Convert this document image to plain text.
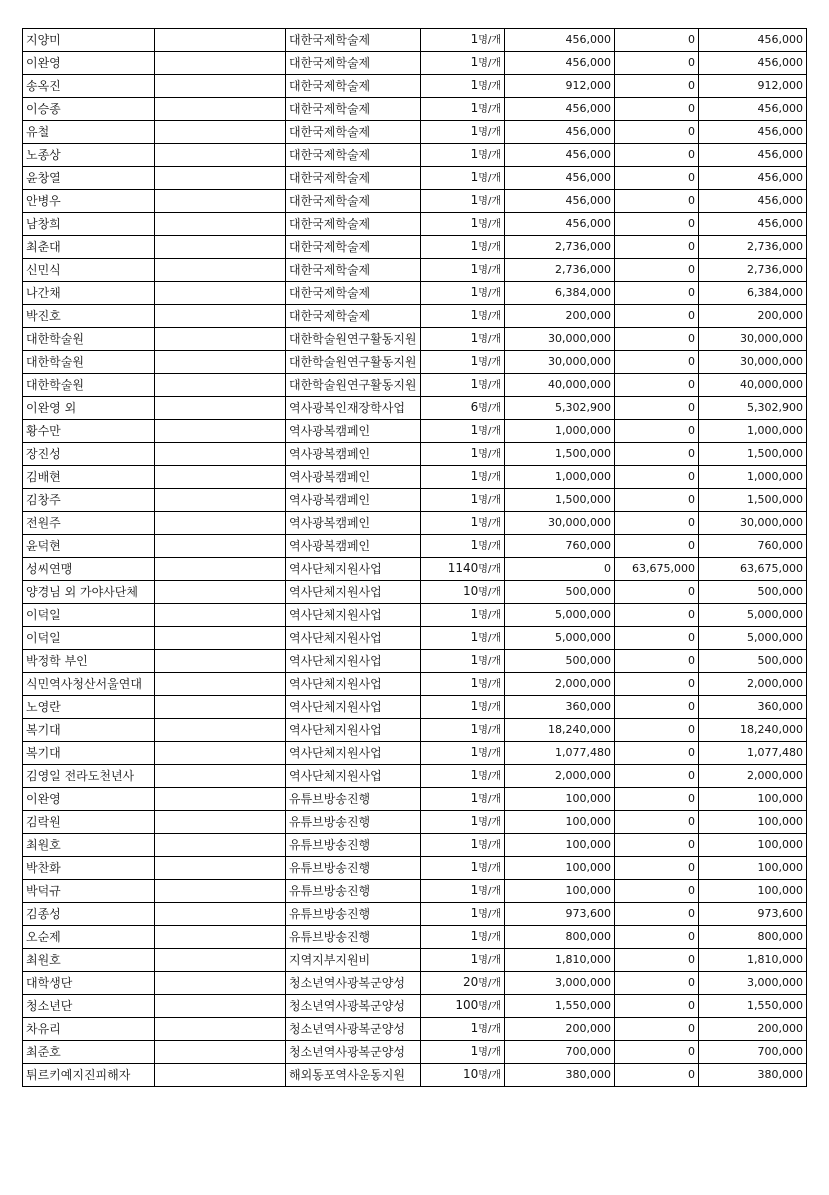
지양미		대한국제학술제	1명/개	456,000	0	456,000
이완영		대한국제학술제	1명/개	456,000	0	456,000
송옥진		대한국제학술제	1명/개	912,000	0	912,000
이승종		대한국제학술제	1명/개	456,000	0	456,000
유철		대한국제학술제	1명/개	456,000	0	456,000
노종상		대한국제학술제	1명/개	456,000	0	456,000
윤창열		대한국제학술제	1명/개	456,000	0	456,000
안병우		대한국제학술제	1명/개	456,000	0	456,000
남창희		대한국제학술제	1명/개	456,000	0	456,000
최춘대		대한국제학술제	1명/개	2,736,000	0	2,736,000
신민식		대한국제학술제	1명/개	2,736,000	0	2,736,000
나간채		대한국제학술제	1명/개	6,384,000	0	6,384,000
박진호		대한국제학술제	1명/개	200,000	0	200,000
대한학술원		대한학술원연구활동지원	1명/개	30,000,000	0	30,000,000
대한학술원		대한학술원연구활동지원	1명/개	30,000,000	0	30,000,000
대한학술원		대한학술원연구활동지원	1명/개	40,000,000	0	40,000,000
이완영 외		역사광복인재장학사업	6명/개	5,302,900	0	5,302,900
황수만		역사광복캠페인	1명/개	1,000,000	0	1,000,000
장진성		역사광복캠페인	1명/개	1,500,000	0	1,500,000
김배현		역사광복캠페인	1명/개	1,000,000	0	1,000,000
김창주		역사광복캠페인	1명/개	1,500,000	0	1,500,000
전원주		역사광복캠페인	1명/개	30,000,000	0	30,000,000
윤덕현		역사광복캠페인	1명/개	760,000	0	760,000
성씨연맹		역사단체지원사업	1140명/개	0	63,675,000	63,675,000
양경님 외 가야사단체		역사단체지원사업	10명/개	500,000	0	500,000
이덕일		역사단체지원사업	1명/개	5,000,000	0	5,000,000
이덕일		역사단체지원사업	1명/개	5,000,000	0	5,000,000
박정학 부인		역사단체지원사업	1명/개	500,000	0	500,000
식민역사청산서울연대		역사단체지원사업	1명/개	2,000,000	0	2,000,000
노영란		역사단체지원사업	1명/개	360,000	0	360,000
복기대		역사단체지원사업	1명/개	18,240,000	0	18,240,000
복기대		역사단체지원사업	1명/개	1,077,480	0	1,077,480
김영일 전라도천년사		역사단체지원사업	1명/개	2,000,000	0	2,000,000
이완영		유튜브방송진행	1명/개	100,000	0	100,000
김락원		유튜브방송진행	1명/개	100,000	0	100,000
최원호		유튜브방송진행	1명/개	100,000	0	100,000
박찬화		유튜브방송진행	1명/개	100,000	0	100,000
박덕규		유튜브방송진행	1명/개	100,000	0	100,000
김종성		유튜브방송진행	1명/개	973,600	0	973,600
오순제		유튜브방송진행	1명/개	800,000	0	800,000
최원호		지역지부지원비	1명/개	1,810,000	0	1,810,000
대학생단		청소년역사광복군양성	20명/개	3,000,000	0	3,000,000
청소년단		청소년역사광복군양성	100명/개	1,550,000	0	1,550,000
차유리		청소년역사광복군양성	1명/개	200,000	0	200,000
최준호		청소년역사광복군양성	1명/개	700,000	0	700,000
튀르키예지진피해자		해외동포역사운동지원	10명/개	380,000	0	380,000
